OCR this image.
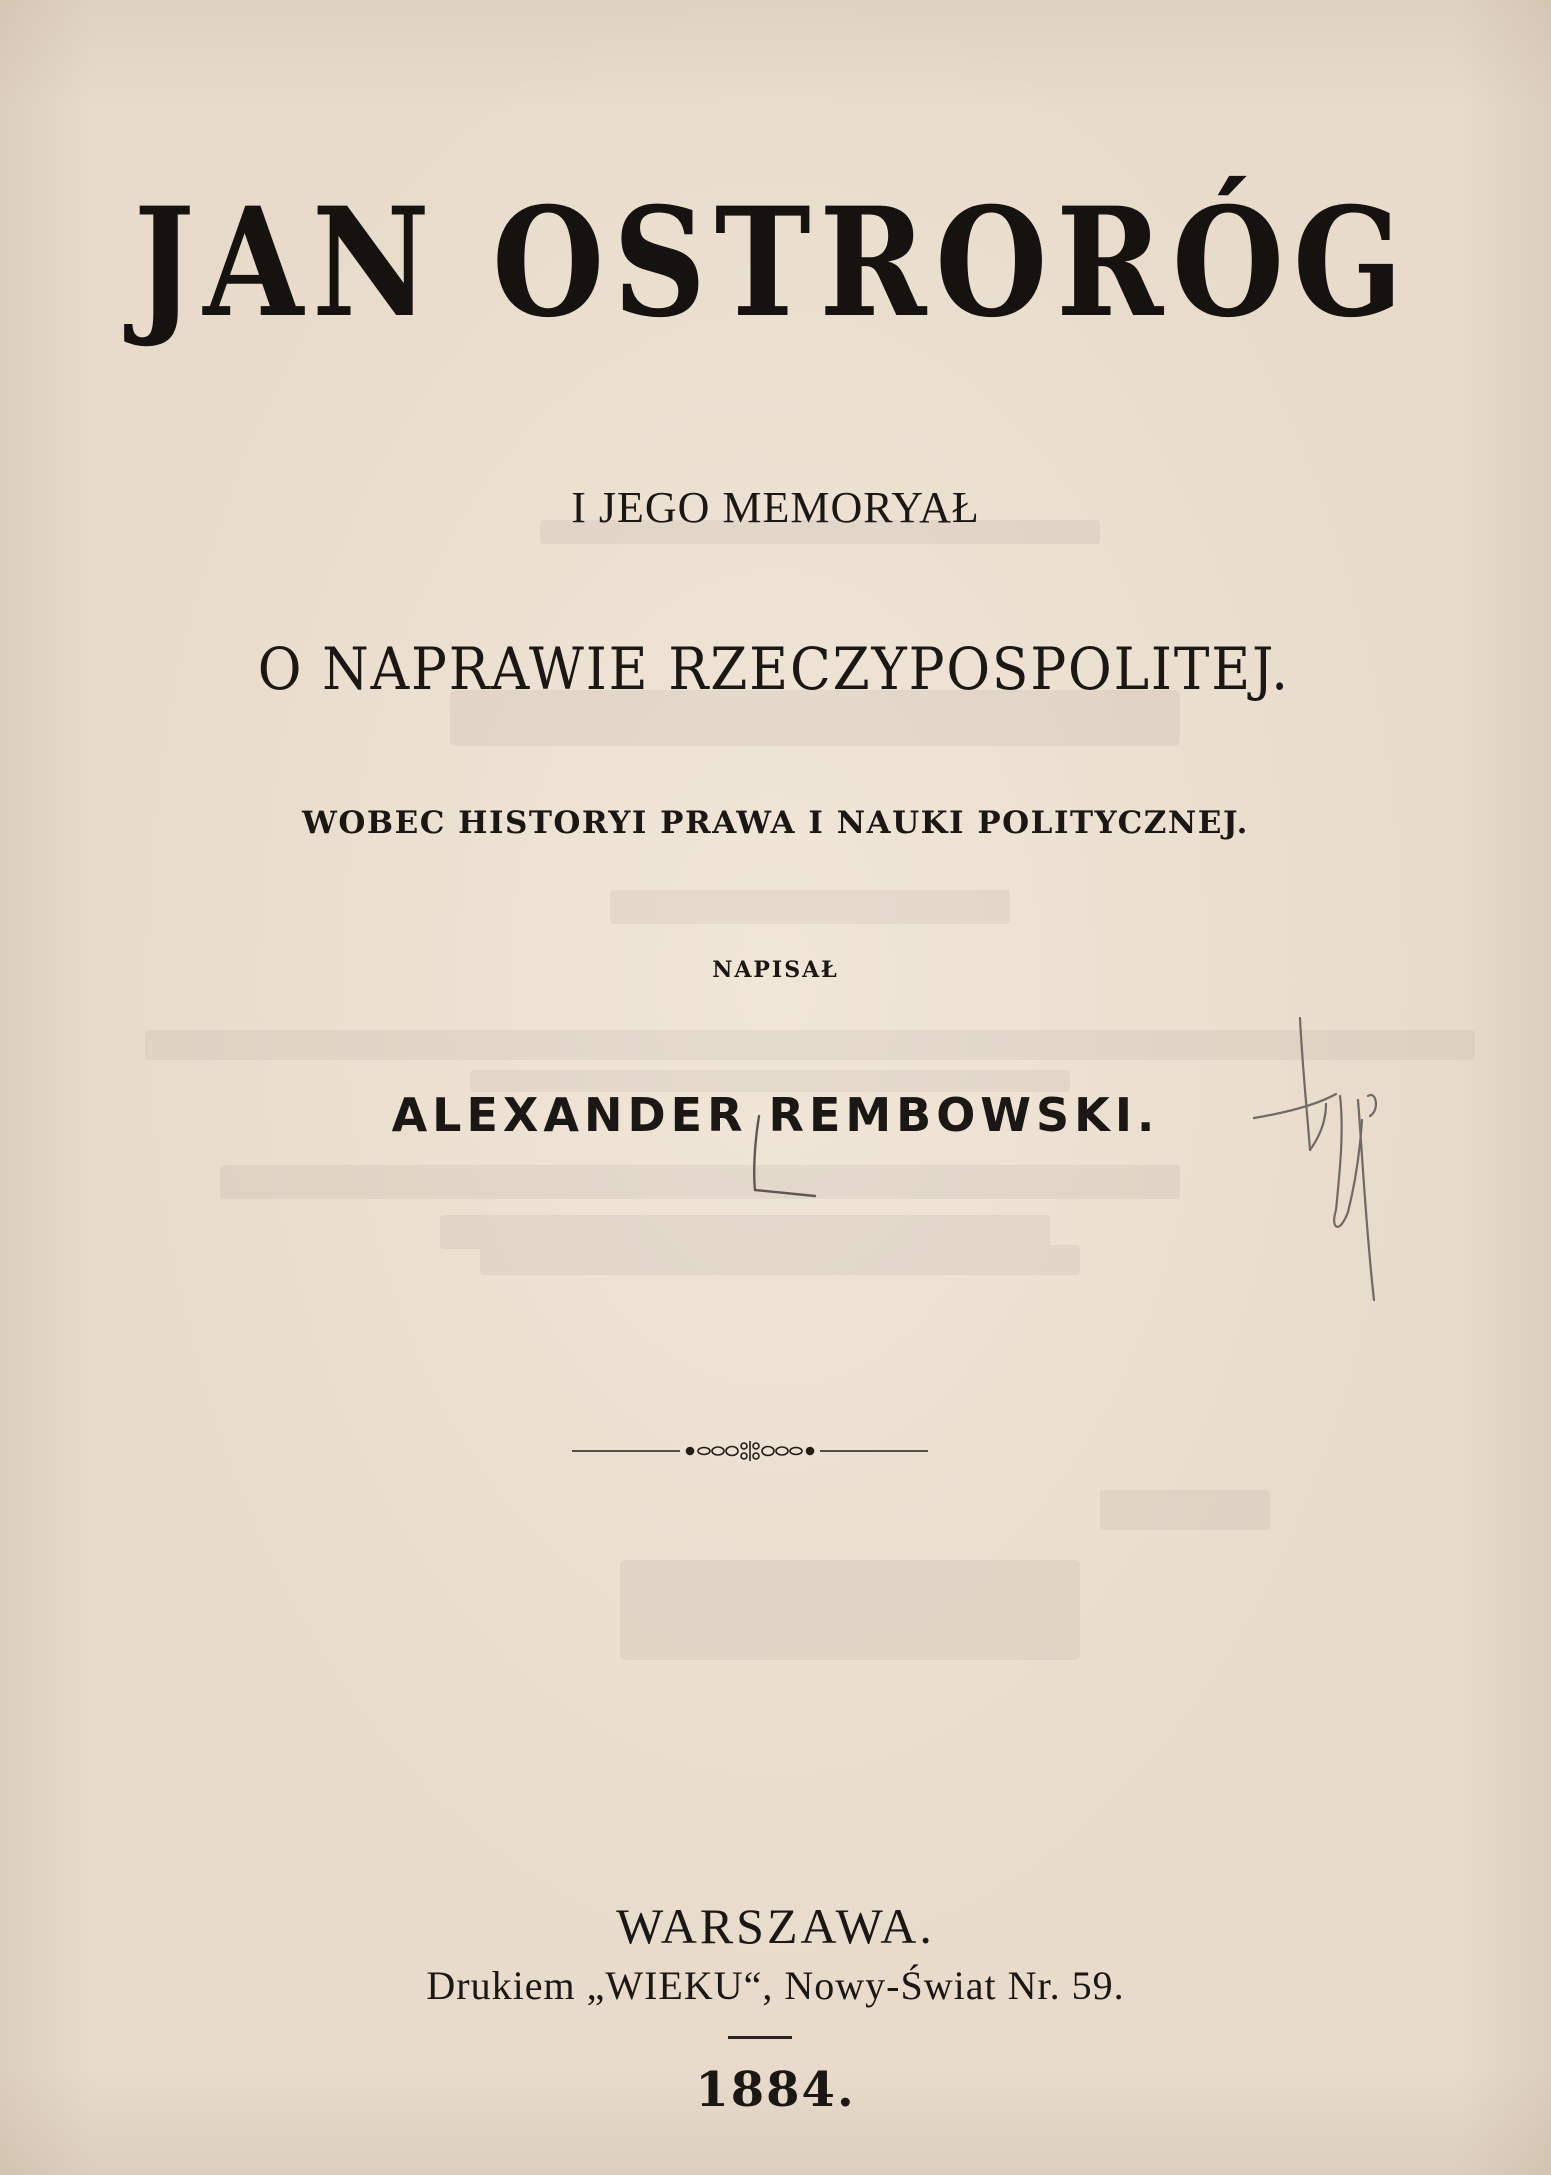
JAN OSTRORÓG
I JEGO MEMORYAŁ
O NAPRAWIE RZECZYPOSPOLITEJ.
WOBEC HISTORYI PRAWA I NAUKI POLITYCZNEJ.
NAPISAŁ
ALEXANDER REMBOWSKI.
WARSZAWA.
Drukiem „WIEKU“, Nowy-Świat Nr. 59.
1884.
